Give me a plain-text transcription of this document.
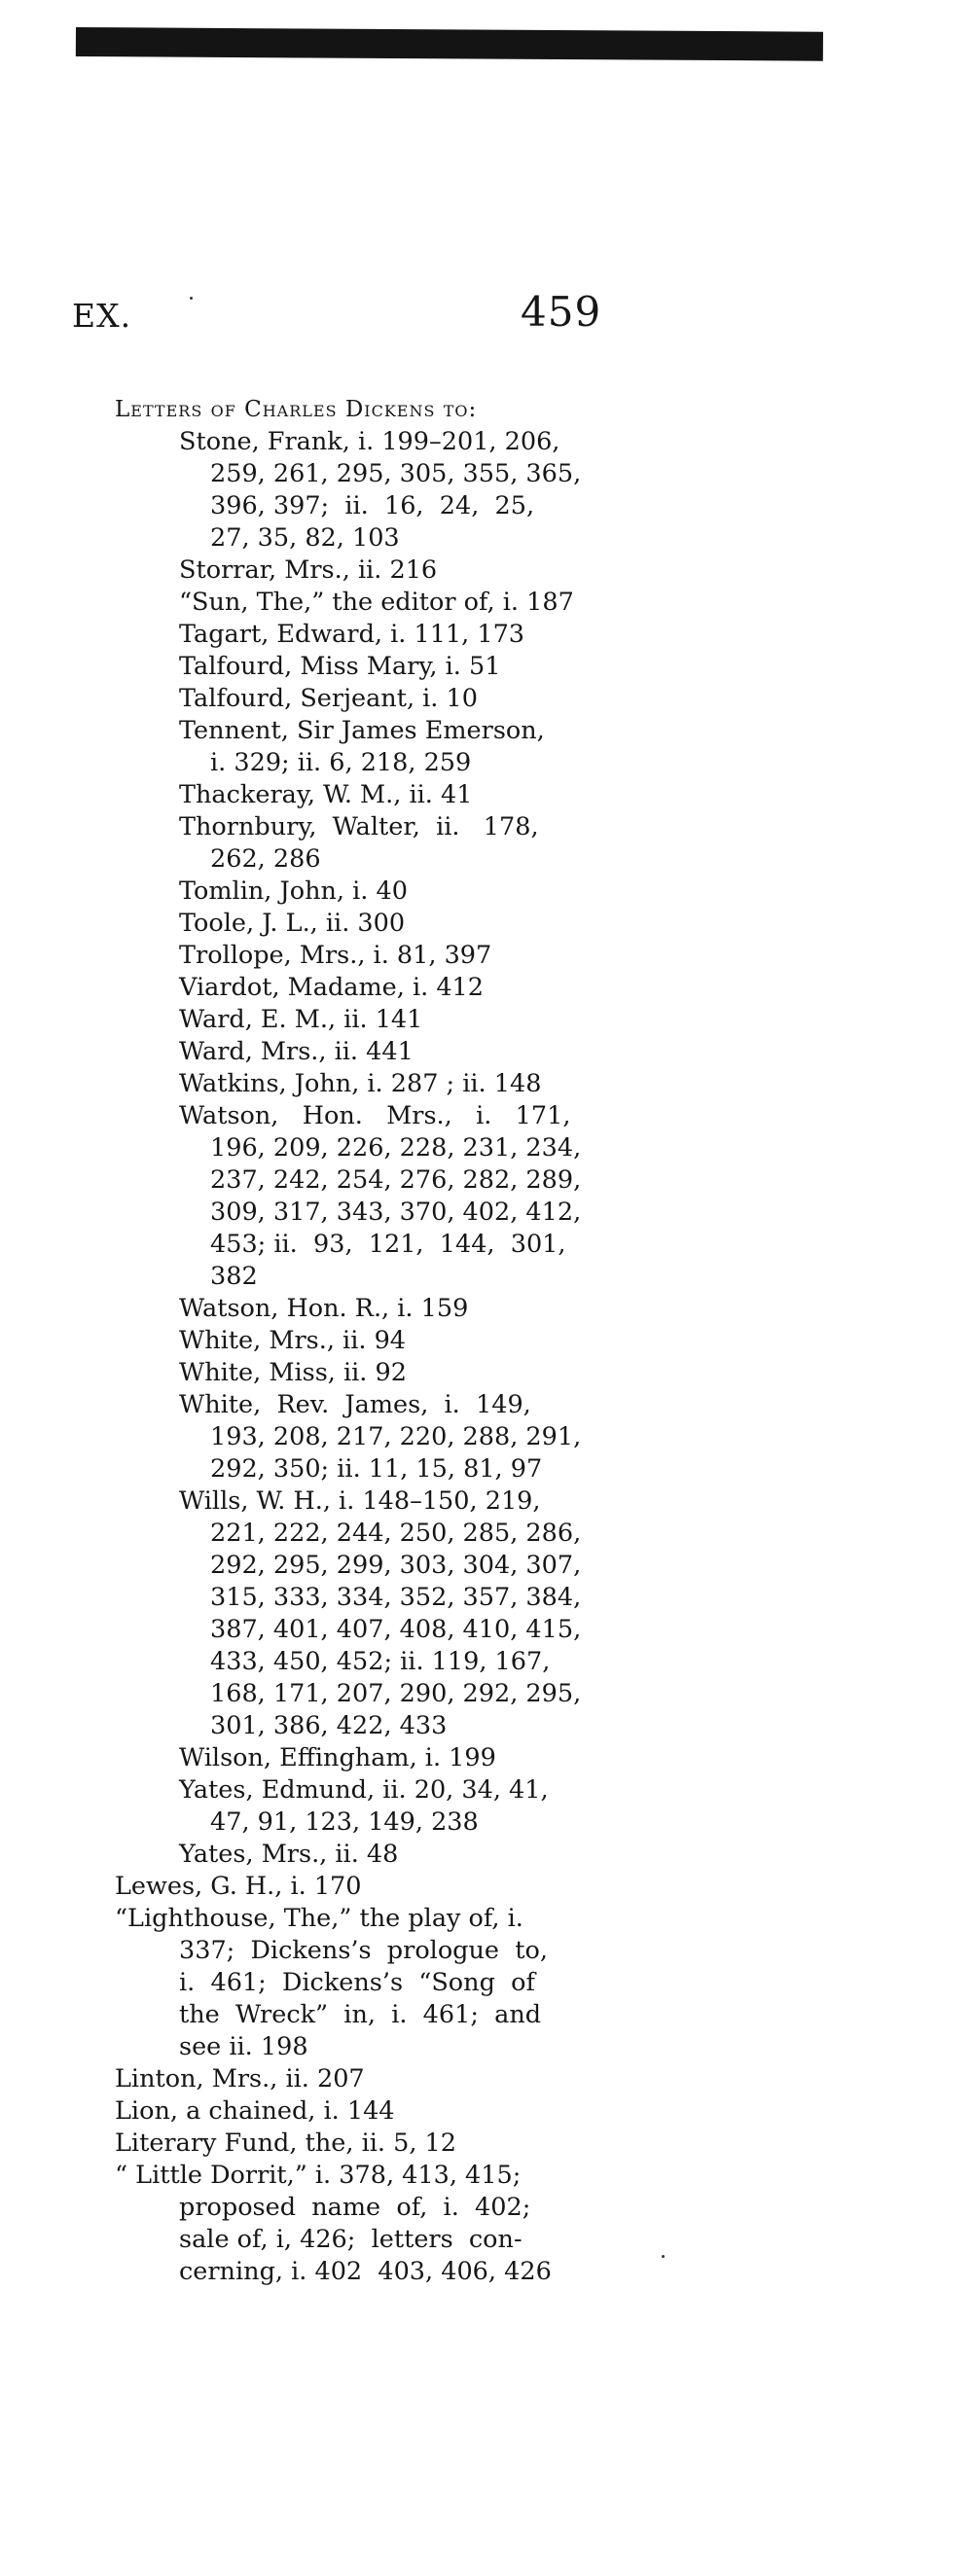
EX.	459
Letters of Charles Dickens to:
Stone, Frank, i. 199–201, 206,
259, 261, 295, 305, 355, 365,
396, 397;  ii.  16,  24,  25,
27, 35, 82, 103
Storrar, Mrs., ii. 216
“Sun, The,” the editor of, i. 187
Tagart, Edward, i. 111, 173
Talfourd, Miss Mary, i. 51
Talfourd, Serjeant, i. 10
Tennent, Sir James Emerson,
i. 329; ii. 6, 218, 259
Thackeray, W. M., ii. 41
Thornbury,  Walter,  ii.   178,
262, 286
Tomlin, John, i. 40
Toole, J. L., ii. 300
Trollope, Mrs., i. 81, 397
Viardot, Madame, i. 412
Ward, E. M., ii. 141
Ward, Mrs., ii. 441
Watkins, John, i. 287 ; ii. 148
Watson,   Hon.   Mrs.,   i.   171,
196, 209, 226, 228, 231, 234,
237, 242, 254, 276, 282, 289,
309, 317, 343, 370, 402, 412,
453; ii.  93,  121,  144,  301,
382
Watson, Hon. R., i. 159
White, Mrs., ii. 94
White, Miss, ii. 92
White,  Rev.  James,  i.  149,
193, 208, 217, 220, 288, 291,
292, 350; ii. 11, 15, 81, 97
Wills, W. H., i. 148–150, 219,
221, 222, 244, 250, 285, 286,
292, 295, 299, 303, 304, 307,
315, 333, 334, 352, 357, 384,
387, 401, 407, 408, 410, 415,
433, 450, 452; ii. 119, 167,
168, 171, 207, 290, 292, 295,
301, 386, 422, 433
Wilson, Effingham, i. 199
Yates, Edmund, ii. 20, 34, 41,
47, 91, 123, 149, 238
Yates, Mrs., ii. 48
Lewes, G. H., i. 170
“Lighthouse, The,” the play of, i.
337;  Dickens’s  prologue  to,
i.  461;  Dickens’s  “Song  of
the  Wreck”  in,  i.  461;  and
see ii. 198
Linton, Mrs., ii. 207
Lion, a chained, i. 144
Literary Fund, the, ii. 5, 12
“ Little Dorrit,” i. 378, 413, 415;
proposed  name  of,  i.  402;
sale of, i, 426;  letters  con-
cerning, i. 402  403, 406, 426
